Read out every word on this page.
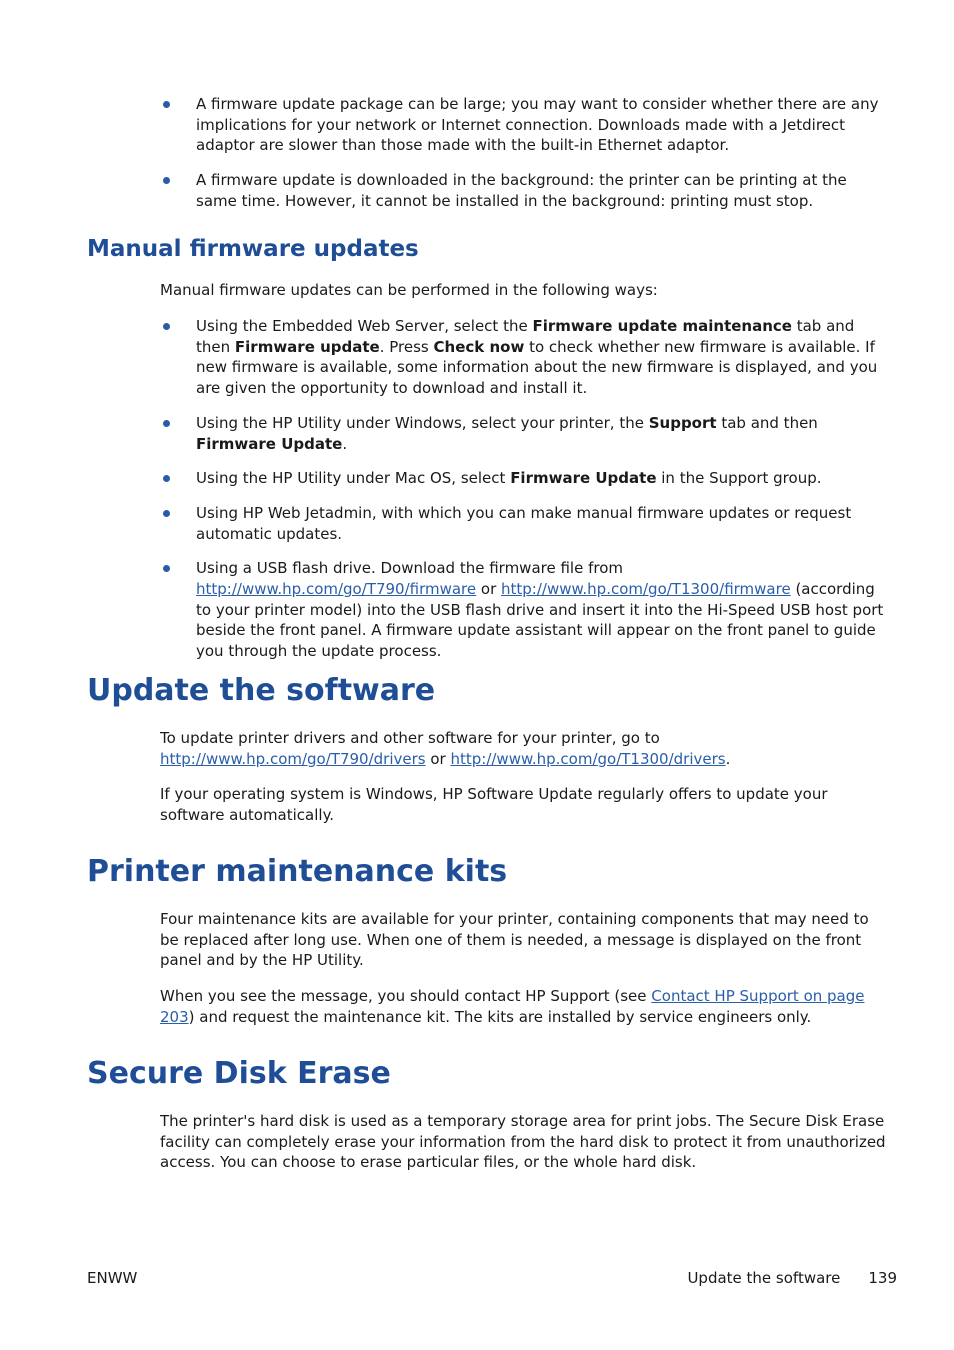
A firmware update package can be large; you may want to consider whether there are any implications for your network or Internet connection. Downloads made with a Jetdirect adaptor are slower than those made with the built-in Ethernet adaptor.
A firmware update is downloaded in the background: the printer can be printing at the same time. However, it cannot be installed in the background: printing must stop.
Manual firmware updates

Manual firmware updates can be performed in the following ways:

Using the Embedded Web Server, select the Firmware update maintenance tab and then Firmware update. Press Check now to check whether new firmware is available. If new firmware is available, some information about the new firmware is displayed, and you are given the opportunity to download and install it.
Using the HP Utility under Windows, select your printer, the Support tab and then Firmware Update.
Using the HP Utility under Mac OS, select Firmware Update in the Support group.
Using HP Web Jetadmin, with which you can make manual firmware updates or request automatic updates.
Using a USB flash drive. Download the firmware file from http://www.hp.com/go/T790/firmware or http://www.hp.com/go/T1300/firmware (according to your printer model) into the USB flash drive and insert it into the Hi-Speed USB host port beside the front panel. A firmware update assistant will appear on the front panel to guide you through the update process.
Update the software

To update printer drivers and other software for your printer, go to http://www.hp.com/go/T790/drivers or http://www.hp.com/go/T1300/drivers.

If your operating system is Windows, HP Software Update regularly offers to update your software automatically.

Printer maintenance kits

Four maintenance kits are available for your printer, containing components that may need to be replaced after long use. When one of them is needed, a message is displayed on the front panel and by the HP Utility.

When you see the message, you should contact HP Support (see Contact HP Support on page 203) and request the maintenance kit. The kits are installed by service engineers only.

Secure Disk Erase

The printer's hard disk is used as a temporary storage area for print jobs. The Secure Disk Erase facility can completely erase your information from the hard disk to protect it from unauthorized access. You can choose to erase particular files, or the whole hard disk.

ENWW	Update the software 139
